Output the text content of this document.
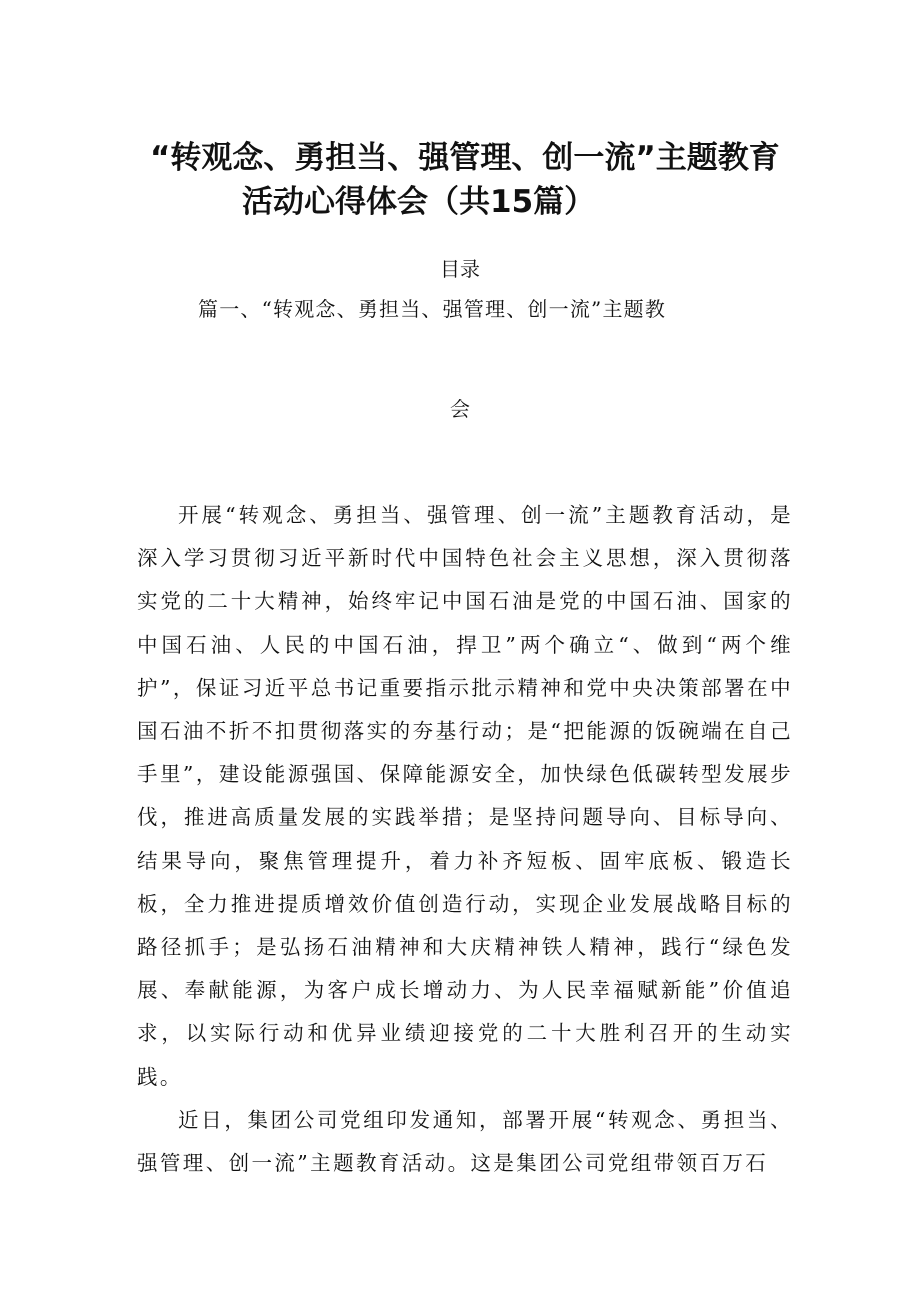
“转观念、勇担当、强管理、创一流”主题教育
活动心得体会（共15篇）
目录
篇一、“转观念、勇担当、强管理、创一流”主题教
会

开展“转观念、勇担当、强管理、创一流”主题教育活动，是深入学习贯彻习近平新时代中国特色社会主义思想，深入贯彻落实党的二十大精神，始终牢记中国石油是党的中国石油、国家的中国石油、人民的中国石油，捍卫”两个确立“、做到“两个维护”，保证习近平总书记重要指示批示精神和党中央决策部署在中国石油不折不扣贯彻落实的夯基行动；是“把能源的饭碗端在自己手里”，建设能源强国、保障能源安全，加快绿色低碳转型发展步伐，推进高质量发展的实践举措；是坚持问题导向、目标导向、结果导向，聚焦管理提升，着力补齐短板、固牢底板、锻造长板，全力推进提质增效价值创造行动，实现企业发展战略目标的路径抓手；是弘扬石油精神和大庆精神铁人精神，践行“绿色发展、奉献能源，为客户成长增动力、为人民幸福赋新能”价值追求，以实际行动和优异业绩迎接党的二十大胜利召开的生动实践。

近日，集团公司党组印发通知，部署开展“转观念、勇担当、强管理、创一流”主题教育活动。这是集团公司党组带领百万石
